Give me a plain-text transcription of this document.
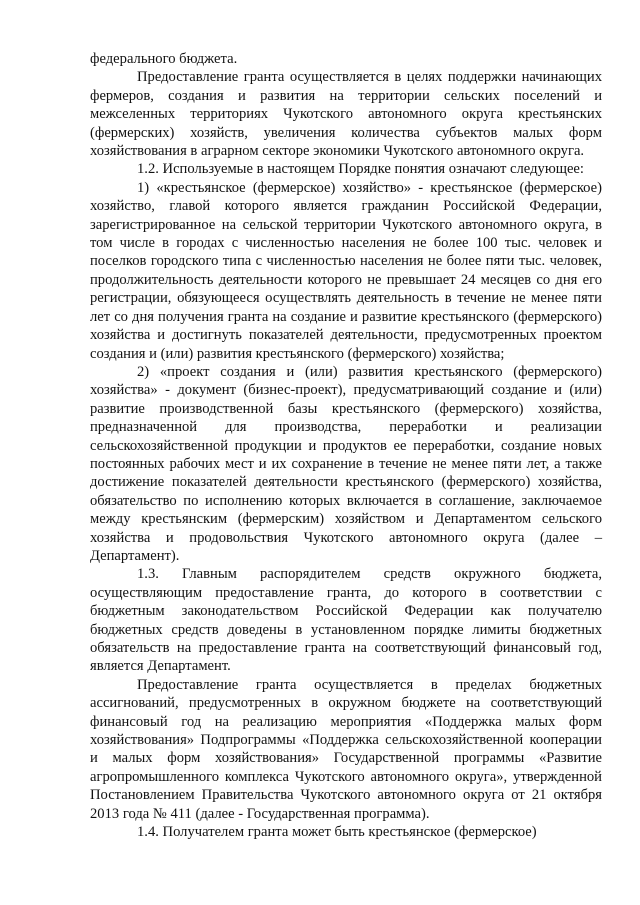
федерального бюджета.

Предоставление гранта осуществляется в целях поддержки начинающих фермеров, создания и развития на территории сельских поселений и межселенных территориях Чукотского автономного округа крестьянских (фермерских) хозяйств, увеличения количества субъектов малых форм хозяйствования в аграрном секторе экономики Чукотского автономного округа.

1.2. Используемые в настоящем Порядке понятия означают следующее:

1) «крестьянское (фермерское) хозяйство» - крестьянское (фермерское) хозяйство, главой которого является гражданин Российской Федерации, зарегистрированное на сельской территории Чукотского автономного округа, в том числе в городах с численностью населения не более 100 тыс. человек и поселков городского типа с численностью населения не более пяти тыс. человек, продолжительность деятельности которого не превышает 24 месяцев со дня его регистрации, обязующееся осуществлять деятельность в течение не менее пяти лет со дня получения гранта на создание и развитие крестьянского (фермерского) хозяйства и достигнуть показателей деятельности, предусмотренных проектом создания и (или) развития крестьянского (фермерского) хозяйства;

2) «проект создания и (или) развития крестьянского (фермерского) хозяйства» - документ (бизнес-проект), предусматривающий создание и (или) развитие производственной базы крестьянского (фермерского) хозяйства, предназначенной для производства, переработки и реализации сельскохозяйственной продукции и продуктов ее переработки, создание новых постоянных рабочих мест и их сохранение в течение не менее пяти лет, а также достижение показателей деятельности крестьянского (фермерского) хозяйства, обязательство по исполнению которых включается в соглашение, заключаемое между крестьянским (фермерским) хозяйством и Департаментом сельского хозяйства и продовольствия Чукотского автономного округа (далее – Департамент).

1.3. Главным распорядителем средств окружного бюджета, осуществляющим предоставление гранта, до которого в соответствии с бюджетным законодательством Российской Федерации как получателю бюджетных средств доведены в установленном порядке лимиты бюджетных обязательств на предоставление гранта на соответствующий финансовый год, является Департамент.

Предоставление гранта осуществляется в пределах бюджетных ассигнований, предусмотренных в окружном бюджете на соответствующий финансовый год на реализацию мероприятия «Поддержка малых форм хозяйствования» Подпрограммы «Поддержка сельскохозяйственной кооперации и малых форм хозяйствования» Государственной программы «Развитие агропромышленного комплекса Чукотского автономного округа», утвержденной Постановлением Правительства Чукотского автономного округа от 21 октября 2013 года № 411 (далее - Государственная программа).

1.4. Получателем гранта может быть крестьянское (фермерское)
